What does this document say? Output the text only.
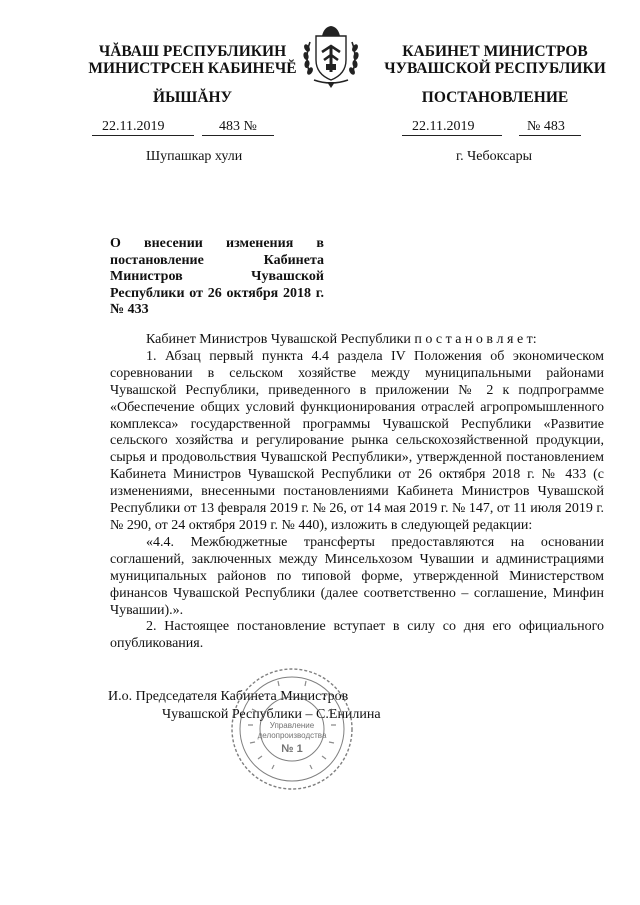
ЧĂВАШ РЕСПУБЛИКИН
МИНИСТРСЕН КАБИНЕЧĔ
ЙЫШĂНУ
КАБИНЕТ МИНИСТРОВ
ЧУВАШСКОЙ РЕСПУБЛИКИ
ПОСТАНОВЛЕНИЕ
22.11.2019	483 №	22.11.2019	№ 483
Шупашкар хули	г. Чебоксары
О внесении изменения в постановление Кабинета Министров Чувашской Республики от 26 октября 2018 г. № 433

Кабинет Министров Чувашской Республики п о с т а н о в л я е т:

1. Абзац первый пункта 4.4 раздела IV Положения об экономическом соревновании в сельском хозяйстве между муниципальными районами Чувашской Республики, приведенного в приложении № 2 к подпрограмме «Обеспечение общих условий функционирования отраслей агропромышленного комплекса» государственной программы Чувашской Республики «Развитие сельского хозяйства и регулирование рынка сельскохозяйственной продукции, сырья и продовольствия Чувашской Республики», утвержденной постановлением Кабинета Министров Чувашской Республики от 26 октября 2018 г. № 433 (с изменениями, внесенными постановлениями Кабинета Министров Чувашской Республики от 13 февраля 2019 г. № 26, от 14 мая 2019 г. № 147, от 11 июля 2019 г. № 290, от 24 октября 2019 г. № 440), изложить в следующей редакции:

«4.4. Межбюджетные трансферты предоставляются на основании соглашений, заключенных между Минсельхозом Чувашии и администрациями муниципальных районов по типовой форме, утвержденной Министерством финансов Чувашской Республики (далее соответственно – соглашение, Минфин Чувашии).».

2. Настоящее постановление вступает в силу со дня его официального опубликования.

И.о. Председателя Кабинета Министров
Чувашской Республики – С.Енилина
Управление
делопроизводства
№ 1
